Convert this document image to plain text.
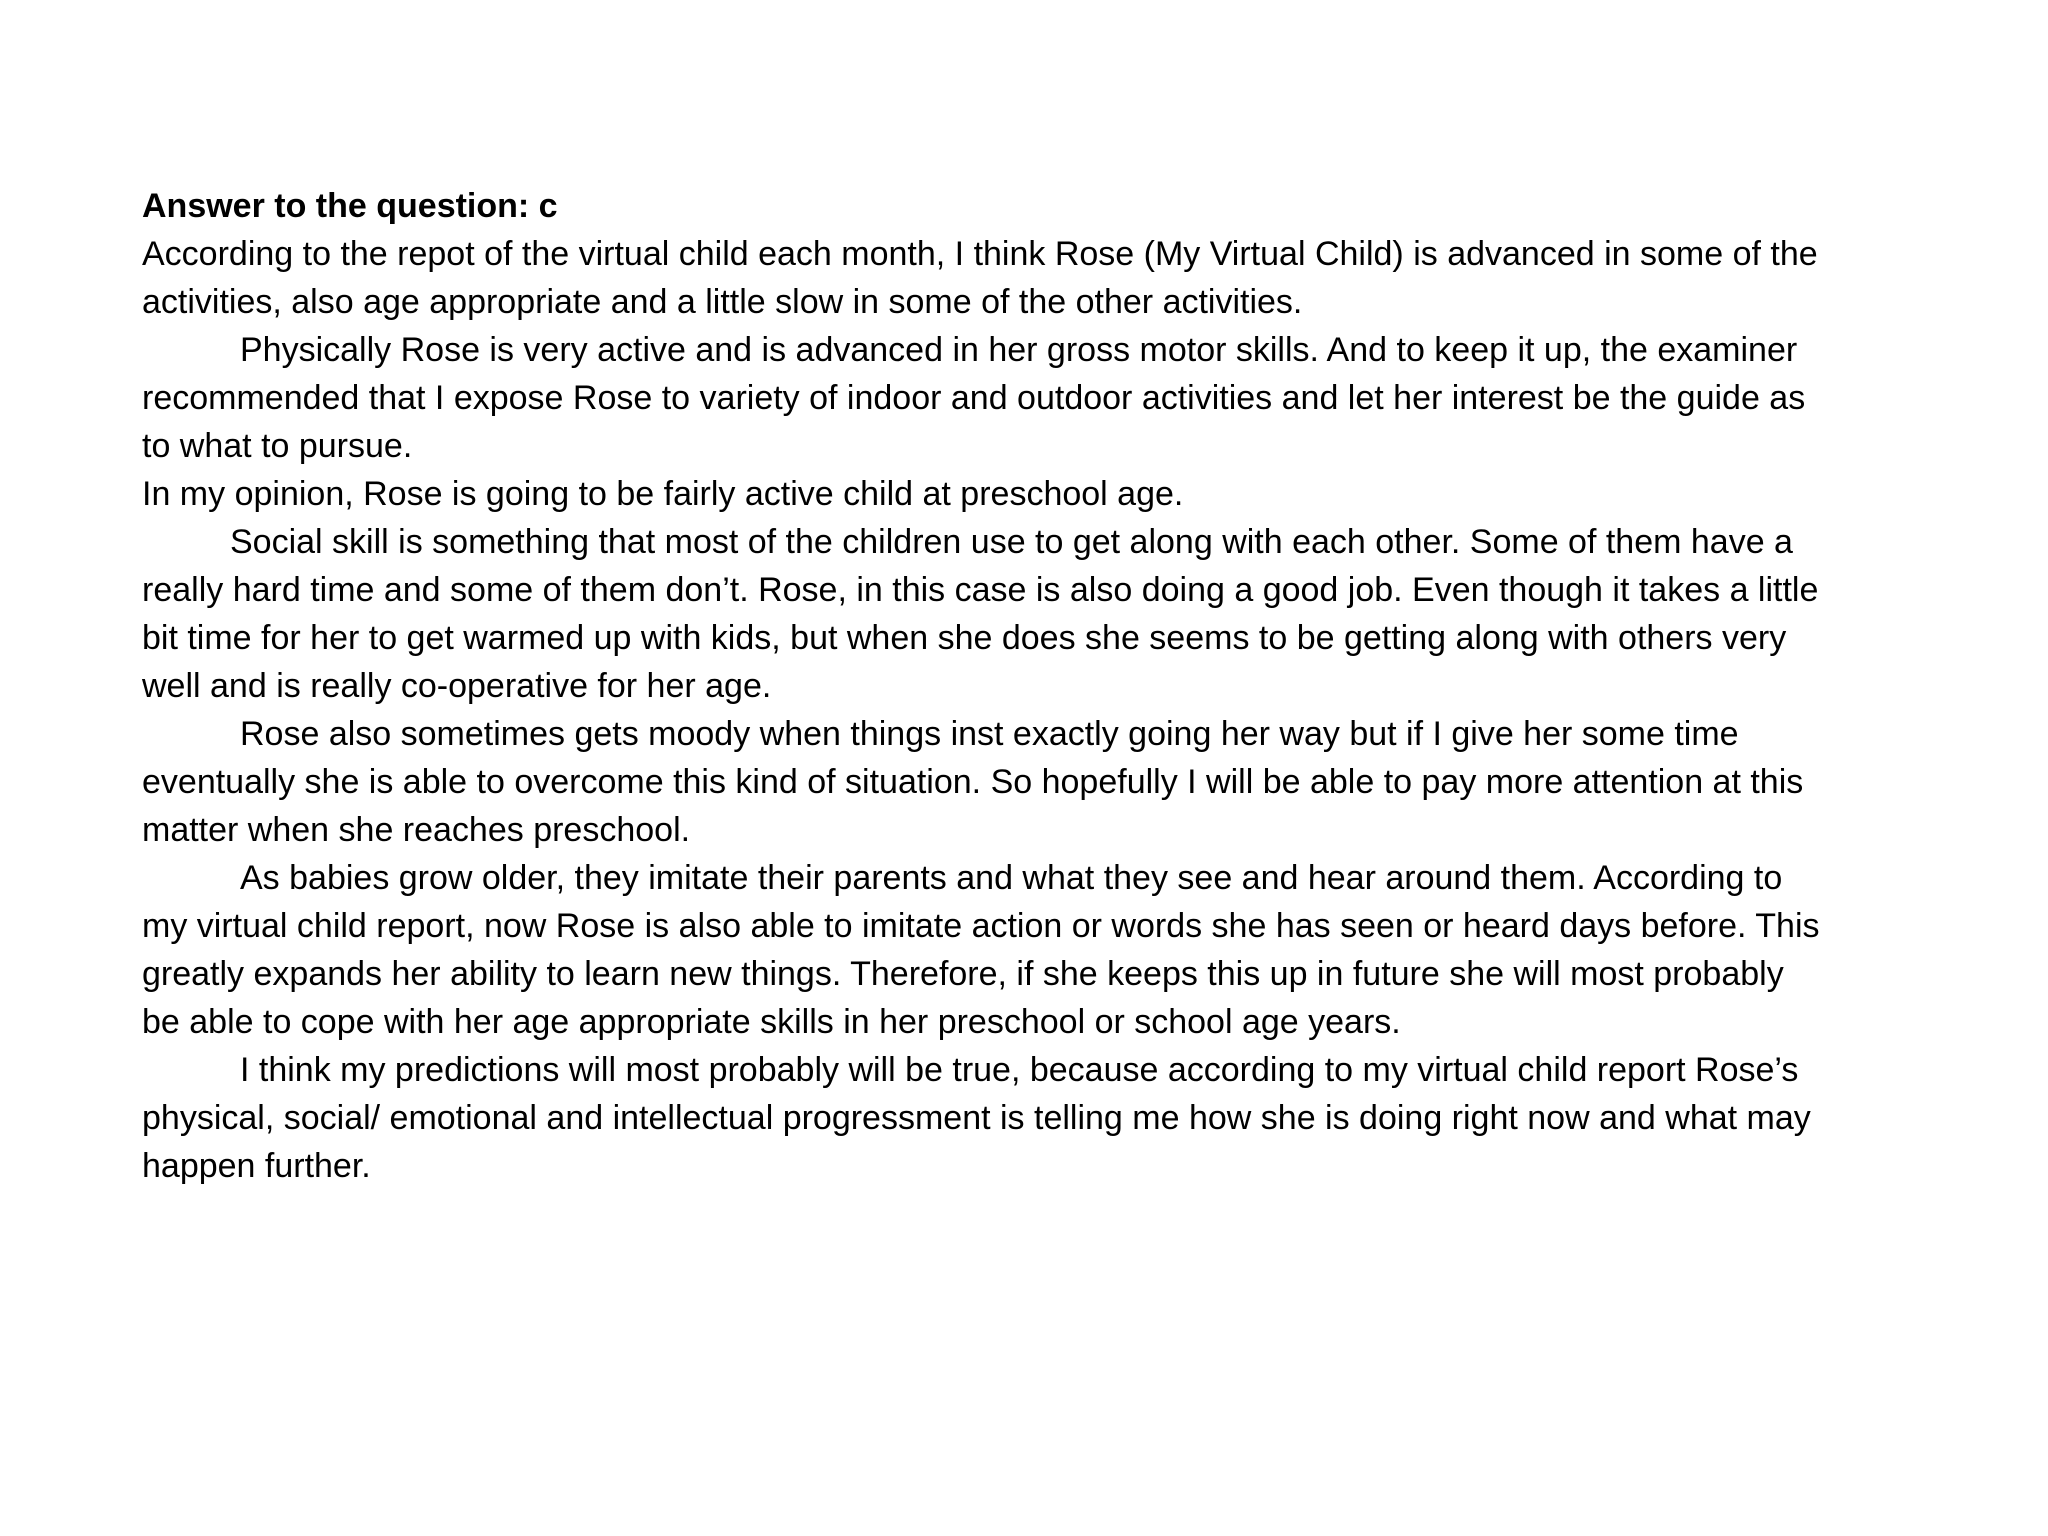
Answer to the question: c
According to the repot of the virtual child each month, I think Rose (My Virtual Child) is advanced in some of the
activities, also age appropriate and a little slow in some of the other activities.
Physically Rose is very active and is advanced in her gross motor skills. And to keep it up, the examiner
recommended that I expose Rose to variety of indoor and outdoor activities and let her interest be the guide as
to what to pursue.
In my opinion, Rose is going to be fairly active child at preschool age.
Social skill is something that most of the children use to get along with each other. Some of them have a
really hard time and some of them don’t. Rose, in this case is also doing a good job. Even though it takes a little
bit time for her to get warmed up with kids, but when she does she seems to be getting along with others very
well and is really co-operative for her age.
Rose also sometimes gets moody when things inst exactly going her way but if I give her some time
eventually she is able to overcome this kind of situation. So hopefully I will be able to pay more attention at this
matter when she reaches preschool.
As babies grow older, they imitate their parents and what they see and hear around them. According to
my virtual child report, now Rose is also able to imitate action or words she has seen or heard days before. This
greatly expands her ability to learn new things. Therefore, if she keeps this up in future she will most probably
be able to cope with her age appropriate skills in her preschool or school age years.
I think my predictions will most probably will be true, because according to my virtual child report Rose’s
physical, social/ emotional and intellectual progressment is telling me how she is doing right now and what may
happen further.
